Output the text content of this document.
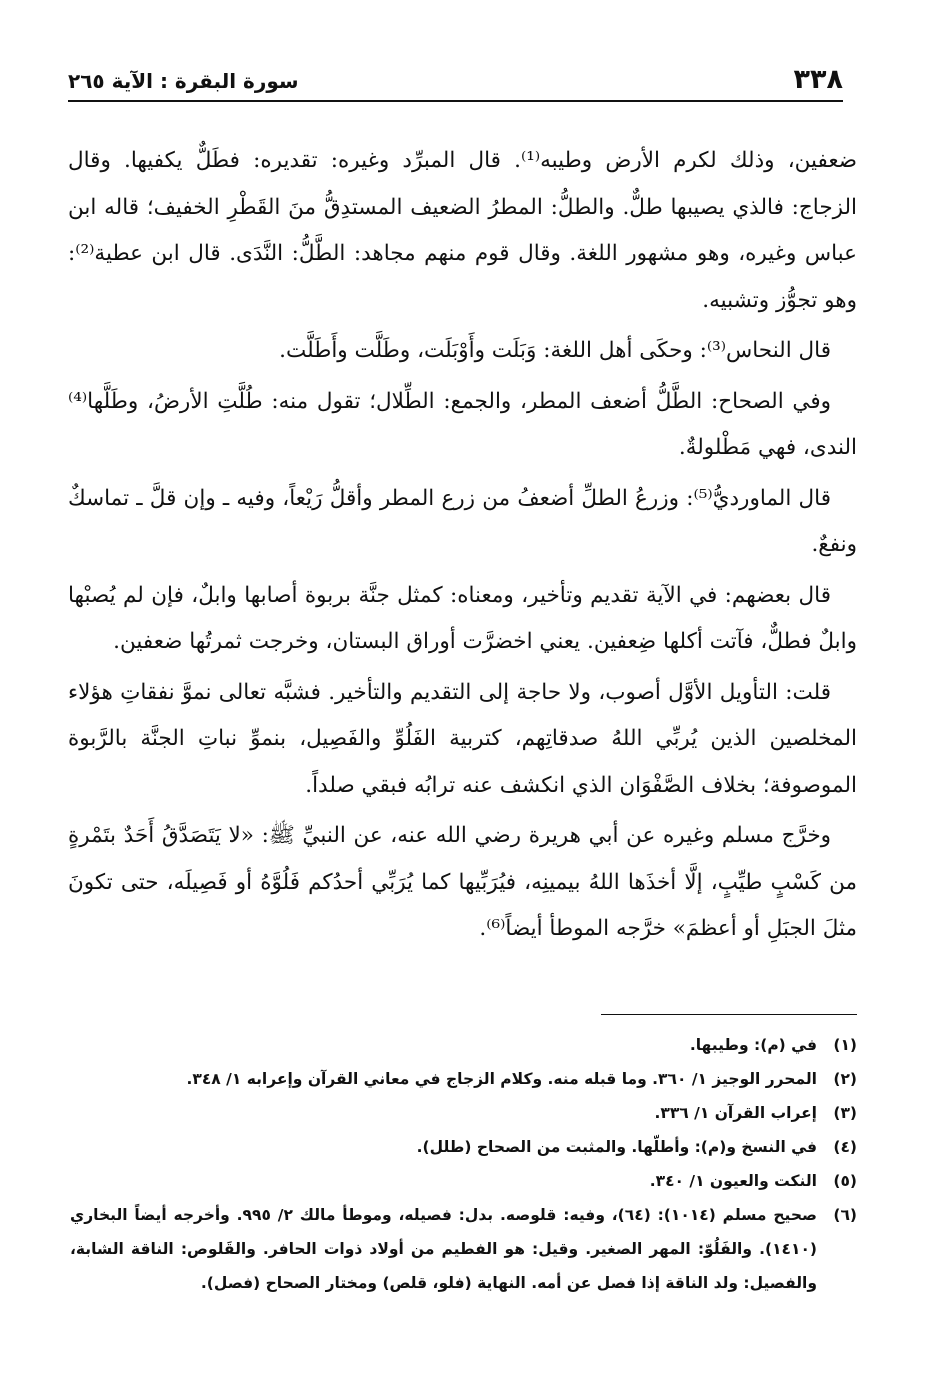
٣٣٨
سورة البقرة : الآية ٢٦٥

ضعفين، وذلك لكرم الأرض وطيبه⁽¹⁾. قال المبرِّد وغيره: تقديره: فطَلٌّ يكفيها. وقال الزجاج: فالذي يصيبها طلٌّ. والطلُّ: المطرُ الضعيف المستدِقُّ منَ القَطْرِ الخفيف؛ قاله ابن عباس وغيره، وهو مشهور اللغة. وقال قوم منهم مجاهد: الطَّلُّ: النَّدَى. قال ابن عطية⁽²⁾: وهو تجوُّز وتشبيه.

قال النحاس⁽³⁾: وحكَى أهل اللغة: وَبَلَت وأَوْبَلَت، وطَلَّت وأَطَلَّت.

وفي الصحاح: الطَّلُّ أضعف المطر، والجمع: الطِّلال؛ تقول منه: طُلَّتِ الأرضُ، وطَلَّها⁽⁴⁾ الندى، فهي مَطْلولةٌ.

قال الماورديُّ⁽⁵⁾: وزرعُ الطلِّ أضعفُ من زرع المطر وأقلُّ رَيْعاً، وفيه ـ وإن قلَّ ـ تماسكٌ ونفعٌ.

قال بعضهم: في الآية تقديم وتأخير، ومعناه: كمثل جنَّة بربوة أصابها وابلٌ، فإن لم يُصبْها وابلٌ فطلٌّ، فآتت أكلها ضِعفين. يعني اخضرَّت أوراق البستان، وخرجت ثمرتُها ضعفين.

قلت: التأويل الأوَّل أصوب، ولا حاجة إلى التقديم والتأخير. فشبَّه تعالى نموَّ نفقاتِ هؤلاء المخلصين الذين يُربِّي اللهُ صدقاتِهم، كتربية الفَلُوِّ والفَصِيل، بنموِّ نباتِ الجنَّة بالرَّبوة الموصوفة؛ بخلاف الصَّفْوَان الذي انكشف عنه ترابُه فبقي صلداً.

وخرَّج مسلم وغيره عن أبي هريرة رضي الله عنه، عن النبيِّ ﷺ: «لا يَتَصَدَّقُ أَحَدٌ بتَمْرةٍ من كَسْبٍ طيِّبٍ، إلَّا أخذَها اللهُ بيمينِه، فيُرَبِّيها كما يُرَبِّي أحدُكم فَلُوَّهُ أو فَصِيلَه، حتى تكونَ مثلَ الجبَلِ أو أعظمَ» خرَّجه الموطأ أيضاً⁽⁶⁾.

(١)
في (م): وطيبها.
(٢)
المحرر الوجيز ١/ ٣٦٠. وما قبله منه. وكلام الزجاج في معاني القرآن وإعرابه ١/ ٣٤٨.
(٣)
إعراب القرآن ١/ ٣٣٦.
(٤)
في النسخ و(م): وأطلّها. والمثبت من الصحاح (طلل).
(٥)
النكت والعيون ١/ ٣٤٠.
(٦)
صحيح مسلم (١٠١٤): (٦٤)، وفيه: قلوصه. بدل: فصيله، وموطأ مالك ٢/ ٩٩٥. وأخرجه أيضاً البخاري (١٤١٠). والفَلُوّ: المهر الصغير. وقيل: هو الفطيم من أولاد ذوات الحافر. والقَلوص: الناقة الشابة، والفصيل: ولد الناقة إذا فصل عن أمه. النهاية (فلو، قلص) ومختار الصحاح (فصل).
